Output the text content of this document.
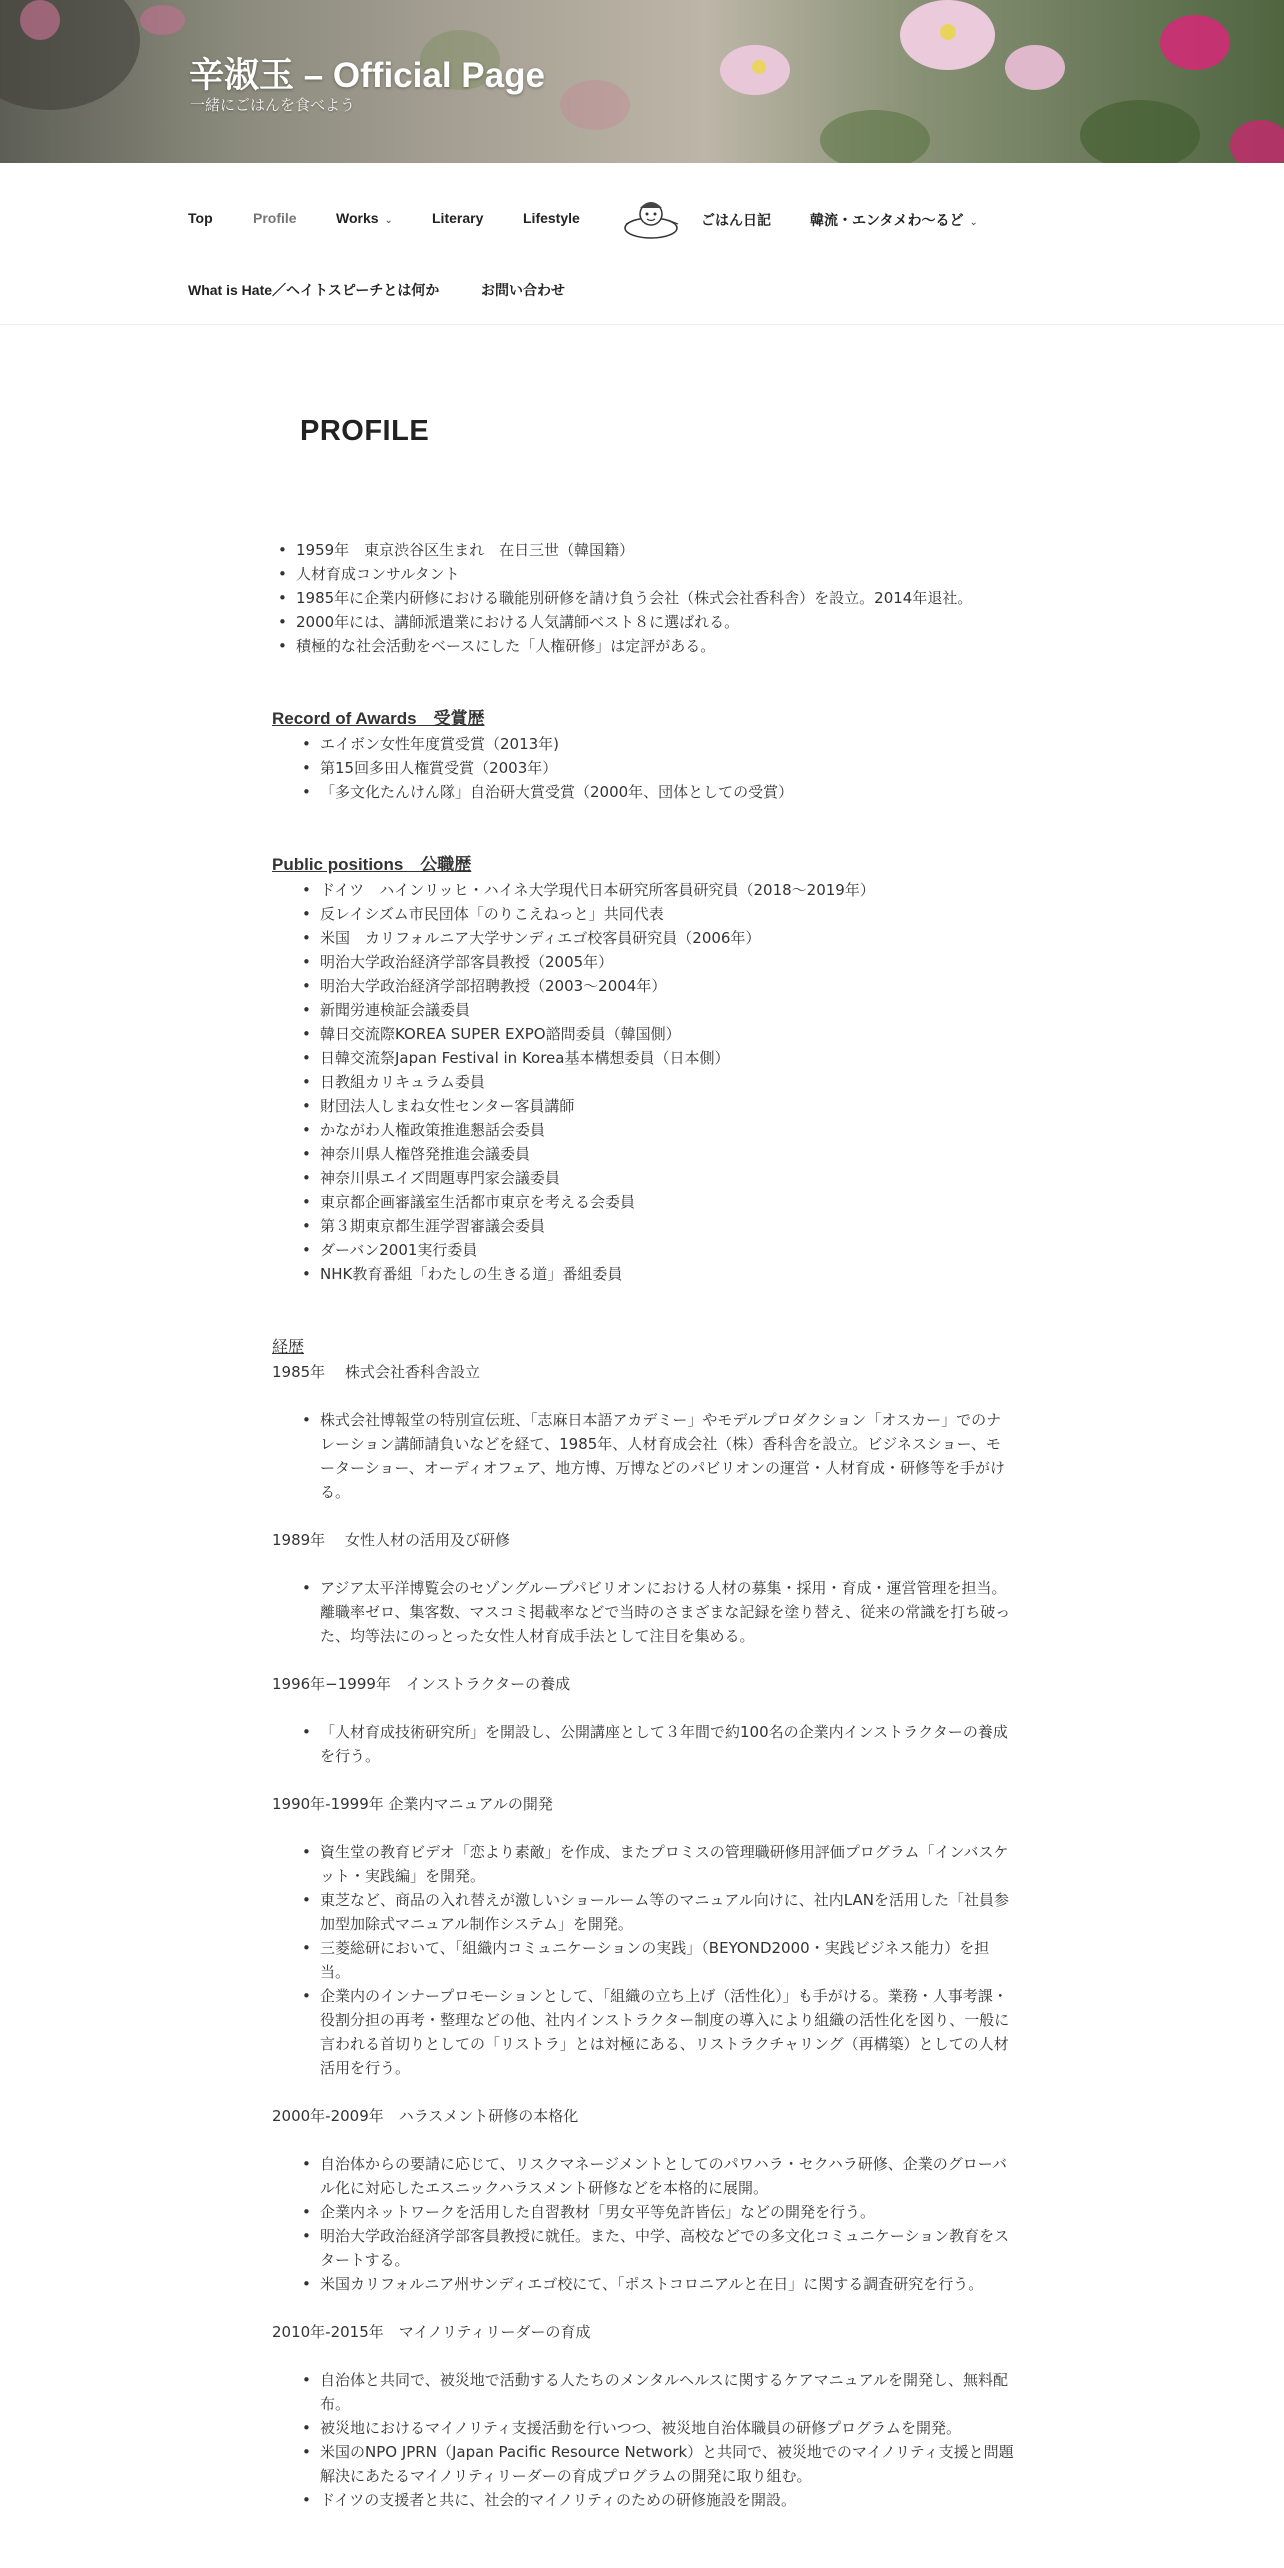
辛淑玉 – Official Page
一緒にごはんを食べよう
Top	Profile	Works ⌄	Literary	Lifestyle	ごはん日記	韓流・エンタメわ〜るど ⌄
What is Hate／ヘイトスピーチとは何か	お問い合わせ
PROFILE
• 1959年　東京渋谷区生まれ　在日三世（韓国籍）
• 人材育成コンサルタント
• 1985年に企業内研修における職能別研修を請け負う会社（株式会社香科舎）を設立。2014年退社。
• 2000年には、講師派遣業における人気講師ベスト８に選ばれる。
• 積極的な社会活動をベースにした「人権研修」は定評がある。
Record of Awards　受賞歴
• エイボン女性年度賞受賞（2013年)
• 第15回多田人権賞受賞（2003年）
• 「多文化たんけん隊」自治研大賞受賞（2000年、団体としての受賞）
Public positions　公職歴
• ドイツ　ハインリッヒ・ハイネ大学現代日本研究所客員研究員（2018～2019年）
• 反レイシズム市民団体「のりこえねっと」共同代表
• 米国　カリフォルニア大学サンディエゴ校客員研究員（2006年）
• 明治大学政治経済学部客員教授（2005年）
• 明治大学政治経済学部招聘教授（2003～2004年）
• 新聞労連検証会議委員
• 韓日交流際KOREA SUPER EXPO諮問委員（韓国側）
• 日韓交流祭Japan Festival in Korea基本構想委員（日本側）
• 日教組カリキュラム委員
• 財団法人しまね女性センター客員講師
• かながわ人権政策推進懇話会委員
• 神奈川県人権啓発推進会議委員
• 神奈川県エイズ問題専門家会議委員
• 東京都企画審議室生活都市東京を考える会委員
• 第３期東京都生涯学習審議会委員
• ダーバン2001実行委員
• NHK教育番組「わたしの生きる道」番組委員
経歴
1985年　 株式会社香科舎設立
• 株式会社博報堂の特別宣伝班、「志麻日本語アカデミー」やモデルプロダクション「オスカー」でのナレーション講師請負いなどを経て、1985年、人材育成会社（株）香科舎を設立。ビジネスショー、モーターショー、オーディオフェア、地方博、万博などのパビリオンの運営・人材育成・研修等を手がける。
1989年　 女性人材の活用及び研修
• アジア太平洋博覧会のセゾングループパビリオンにおける人材の募集・採用・育成・運営管理を担当。離職率ゼロ、集客数、マスコミ掲載率などで当時のさまざまな記録を塗り替え、従来の常識を打ち破った、均等法にのっとった女性人材育成手法として注目を集める。
1996年−1999年　インストラクターの養成
• 「人材育成技術研究所」を開設し、公開講座として３年間で約100名の企業内インストラクターの養成を行う。
1990年-1999年 企業内マニュアルの開発
• 資生堂の教育ビデオ「恋より素敵」を作成、またプロミスの管理職研修用評価プログラム「インバスケット・実践編」を開発。
• 東芝など、商品の入れ替えが激しいショールーム等のマニュアル向けに、社内LANを活用した「社員参加型加除式マニュアル制作システム」を開発。
• 三菱総研において、「組織内コミュニケーションの実践」（BEYOND2000・実践ビジネス能力）を担当。
• 企業内のインナープロモーションとして、「組織の立ち上げ（活性化）」も手がける。業務・人事考課・役割分担の再考・整理などの他、社内インストラクター制度の導入により組織の活性化を図り、一般に言われる首切りとしての「リストラ」とは対極にある、リストラクチャリング（再構築）としての人材活用を行う。
2000年-2009年　ハラスメント研修の本格化
• 自治体からの要請に応じて、リスクマネージメントとしてのパワハラ・セクハラ研修、企業のグローバル化に対応したエスニックハラスメント研修などを本格的に展開。
• 企業内ネットワークを活用した自習教材「男女平等免許皆伝」などの開発を行う。
• 明治大学政治経済学部客員教授に就任。また、中学、高校などでの多文化コミュニケーション教育をスタートする。
• 米国カリフォルニア州サンディエゴ校にて、「ポストコロニアルと在日」に関する調査研究を行う。
2010年-2015年　マイノリティリーダーの育成
• 自治体と共同で、被災地で活動する人たちのメンタルヘルスに関するケアマニュアルを開発し、無料配布。
• 被災地におけるマイノリティ支援活動を行いつつ、被災地自治体職員の研修プログラムを開発。
• 米国のNPO JPRN（Japan Pacific Resource Network）と共同で、被災地でのマイノリティ支援と問題解決にあたるマイノリティリーダーの育成プログラムの開発に取り組む。
• ドイツの支援者と共に、社会的マイノリティのための研修施設を開設。
